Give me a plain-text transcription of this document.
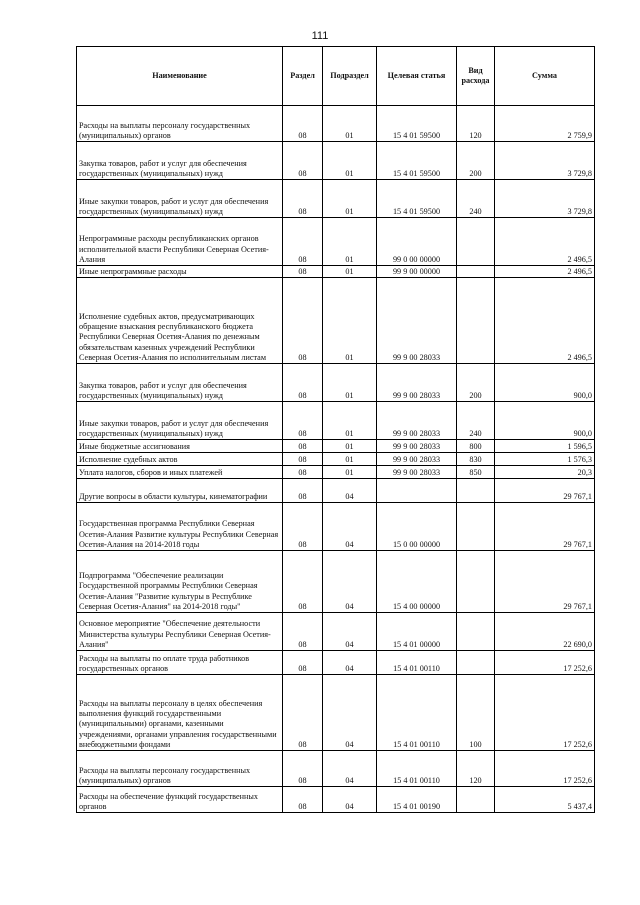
111
Наименование	Раздел	Подраздел	Целевая статья	Вид расхода	Сумма
Расходы на выплаты персоналу государственных (муниципальных) органов	08	01	15 4 01 59500	120	2 759,9
Закупка товаров, работ и услуг для обеспечения государственных (муниципальных) нужд	08	01	15 4 01 59500	200	3 729,8
Иные закупки товаров, работ и услуг для обеспечения государственных (муниципальных) нужд	08	01	15 4 01 59500	240	3 729,8
Непрограммные расходы республиканских органов исполнительной власти Республики Северная Осетия-Алания	08	01	99 0 00 00000		2 496,5
Иные непрограммные расходы	08	01	99 9 00 00000		2 496,5
Исполнение судебных актов, предусматривающих обращение взыскания республиканского бюджета Республики Северная Осетия-Алания по денежным обязательствам казенных учреждений Республики Северная Осетия-Алания по исполнительным листам	08	01	99 9 00 28033		2 496,5
Закупка товаров, работ и услуг для обеспечения государственных (муниципальных) нужд	08	01	99 9 00 28033	200	900,0
Иные закупки товаров, работ и услуг для обеспечения государственных (муниципальных) нужд	08	01	99 9 00 28033	240	900,0
Иные бюджетные ассигнования	08	01	99 9 00 28033	800	1 596,5
Исполнение судебных актов	08	01	99 9 00 28033	830	1 576,3
Уплата налогов, сборов и иных платежей	08	01	99 9 00 28033	850	20,3
Другие вопросы в области культуры, кинематографии	08	04			29 767,1
Государственная программа Республики Северная Осетия-Алания Развитие культуры Республики Северная Осетия-Алания на 2014-2018 годы	08	04	15 0 00 00000		29 767,1
Подпрограмма "Обеспечение реализации Государственной программы Республики Северная Осетия-Алания "Развитие культуры в Республике Северная Осетия-Алания" на 2014-2018 годы"	08	04	15 4 00 00000		29 767,1
Основное мероприятие "Обеспечение деятельности Министерства культуры Республики Северная Осетия-Алания"	08	04	15 4 01 00000		22 690,0
Расходы на выплаты по оплате труда работников государственных органов	08	04	15 4 01 00110		17 252,6
Расходы на выплаты персоналу в целях обеспечения выполнения функций государственными (муниципальными) органами, казенными учреждениями, органами управления государственными внебюджетными фондами	08	04	15 4 01 00110	100	17 252,6
Расходы на выплаты персоналу государственных (муниципальных) органов	08	04	15 4 01 00110	120	17 252,6
Расходы на обеспечение функций государственных органов	08	04	15 4 01 00190		5 437,4
